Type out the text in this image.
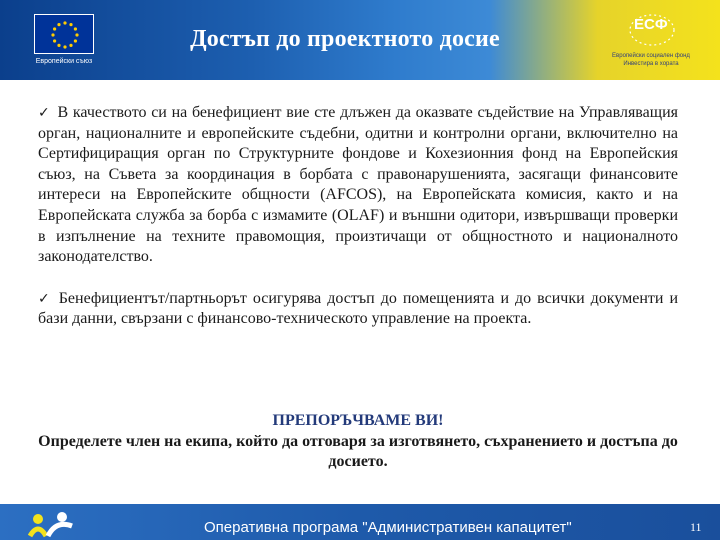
Европейски съюз
Достъп до проектното досие
ЕСФ
Европейски социален фонд Инвестира в хората

✓ В качеството си на бенефициент вие сте длъжен да оказвате съдействие на Управляващия орган, националните и европейските съдебни, одитни и контролни органи, включително на Сертифициращия орган по Структурните фондове и Кохезионния фонд на Европейския съюз, на Съвета за координация в борбата с правонарушенията, засягащи финансовите интереси на Европейските общности (AFCOS), на Европейската комисия, както и на Европейската служба за борба с измамите (OLAF) и външни одитори, извършващи проверки в изпълнение на техните правомощия, произтичащи от общностното и националното законодателство.

✓ Бенефициентът/партньорът осигурява достъп до помещенията и до всички документи и бази данни, свързани с финансово-техническото управление на проекта.

ПРЕПОРЪЧВАМЕ ВИ!
Определете член на екипа, който да отговаря за изготвянето, съхранението и достъпа до досието.
Оперативна програма "Административен капацитет"	11
